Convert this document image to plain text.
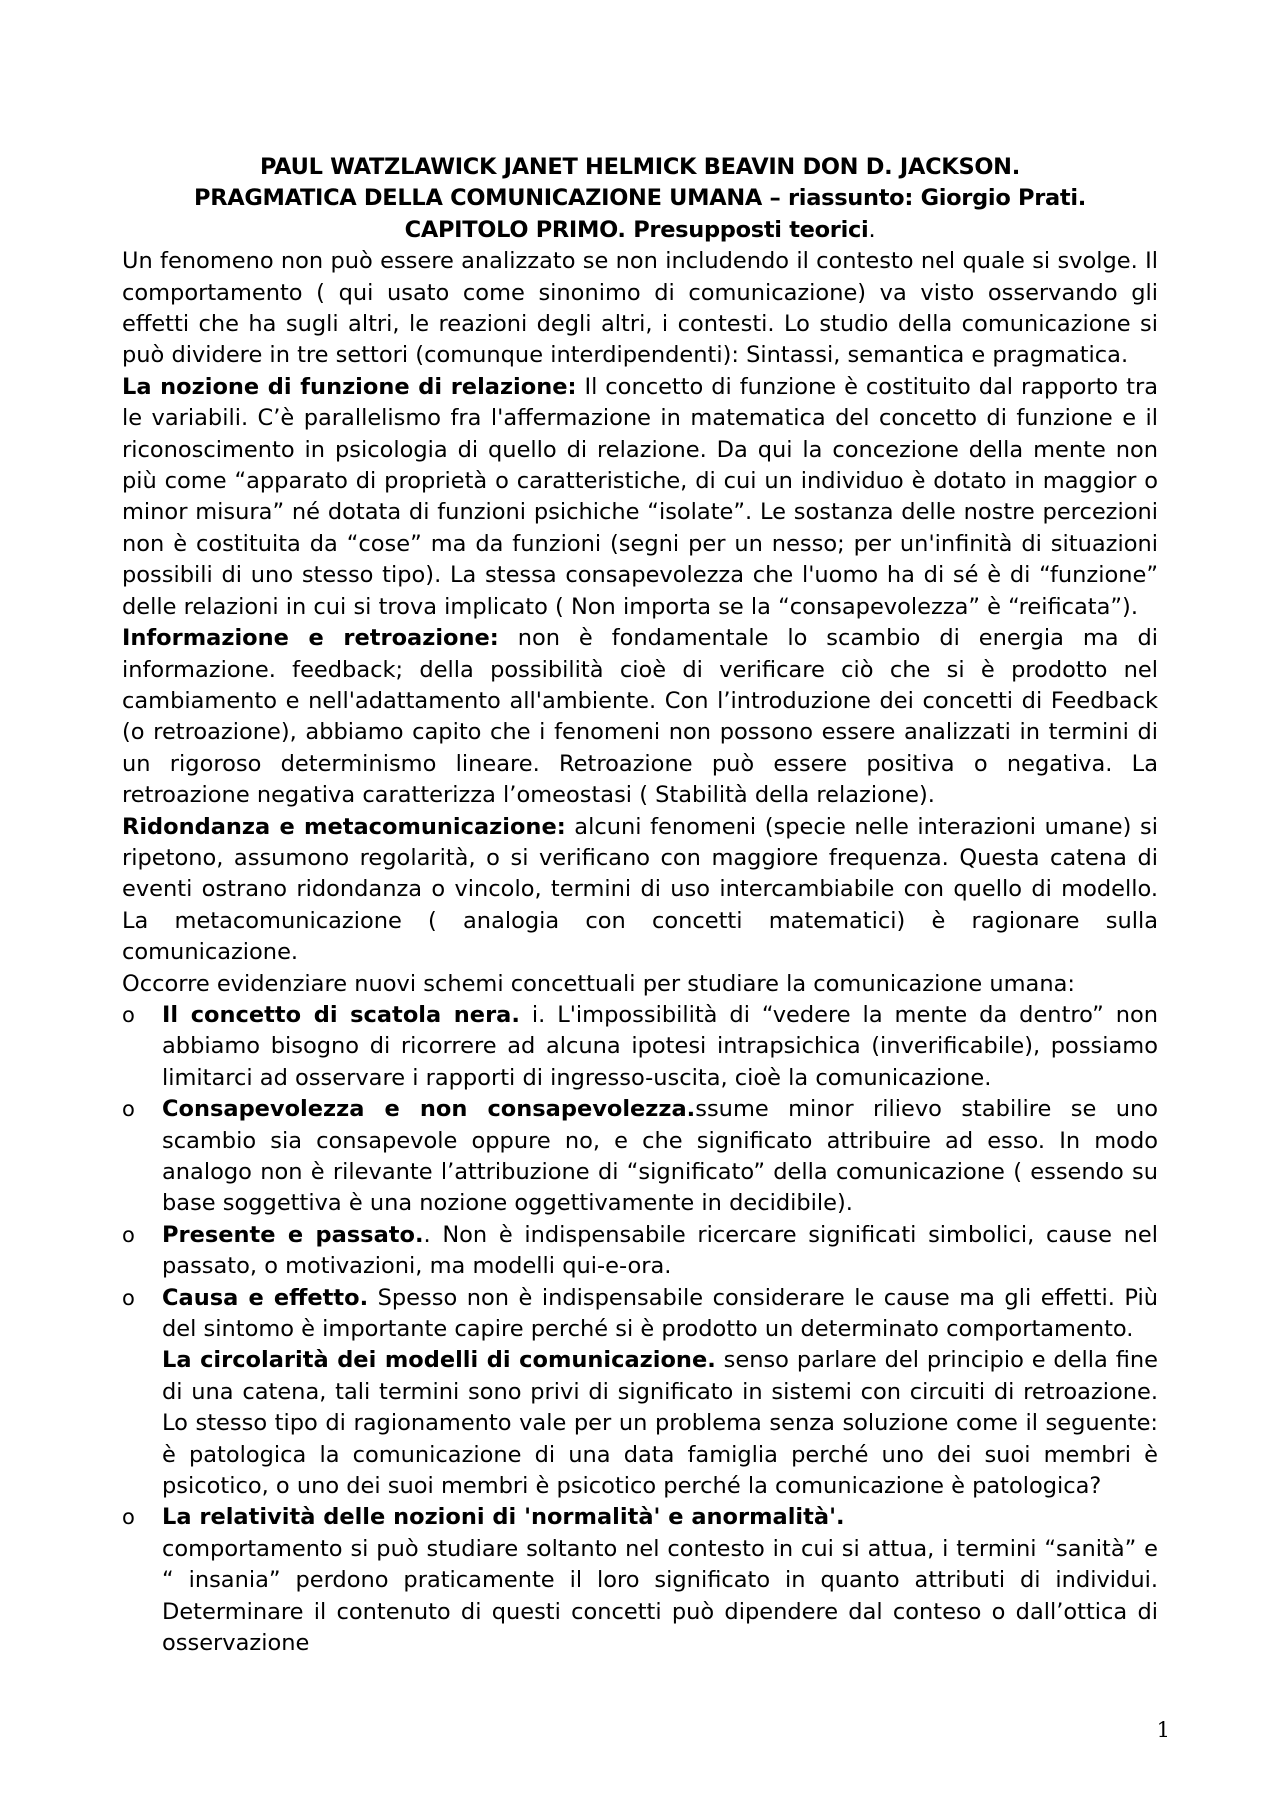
PAUL WATZLAWICK JANET HELMICK BEAVIN DON D. JACKSON.
PRAGMATICA DELLA COMUNICAZIONE UMANA – riassunto: Giorgio Prati.
CAPITOLO PRIMO. Presupposti teorici.

Un fenomeno non può essere analizzato se non includendo il contesto nel quale si svolge. Il comportamento ( qui usato come sinonimo di comunicazione) va visto osservando gli effetti che ha sugli altri, le reazioni degli altri, i contesti. Lo studio della comunicazione si può dividere in tre settori (comunque interdipendenti): Sintassi, semantica e pragmatica.

La nozione di funzione di relazione: Il concetto di funzione è costituito dal rapporto tra le variabili. C’è parallelismo fra l'affermazione in matematica del concetto di funzione e il riconoscimento in psicologia di quello di relazione. Da qui la concezione della mente non più come “apparato di proprietà o caratteristiche, di cui un individuo è dotato in maggior o minor misura” né dotata di funzioni psichiche “isolate”. Le sostanza delle nostre percezioni non è costituita da “cose” ma da funzioni (segni per un nesso; per un'infinità di situazioni possibili di uno stesso tipo). La stessa consapevolezza che l'uomo ha di sé è di “funzione” delle relazioni in cui si trova implicato ( Non importa se la “consapevolezza” è “reificata”).

Informazione e retroazione: non è fondamentale lo scambio di energia ma di informazione. feedback; della possibilità cioè di verificare ciò che si è prodotto nel cambiamento e nell'adattamento all'ambiente. Con l’introduzione dei concetti di Feedback (o retroazione), abbiamo capito che i fenomeni non possono essere analizzati in termini di un rigoroso determinismo lineare. Retroazione può essere positiva o negativa. La retroazione negativa caratterizza l’omeostasi ( Stabilità della relazione).

Ridondanza e metacomunicazione: alcuni fenomeni (specie nelle interazioni umane) si ripetono, assumono regolarità, o si verificano con maggiore frequenza. Questa catena di eventi ostrano ridondanza o vincolo, termini di uso intercambiabile con quello di modello. La metacomunicazione ( analogia con concetti matematici) è ragionare sulla comunicazione.

Occorre evidenziare nuovi schemi concettuali per studiare la comunicazione umana:

o	Il concetto di scatola nera. i. L'impossibilità di “vedere la mente da dentro” non abbiamo bisogno di ricorrere ad alcuna ipotesi intrapsichica (inverificabile), possiamo limitarci ad osservare i rapporti di ingresso-uscita, cioè la comunicazione.
o	Consapevolezza e non consapevolezza.ssume minor rilievo stabilire se uno scambio sia consapevole oppure no, e che significato attribuire ad esso. In modo analogo non è rilevante l’attribuzione di “significato” della comunicazione ( essendo su base soggettiva è una nozione oggettivamente in decidibile).
o	Presente e passato.. Non è indispensabile ricercare significati simbolici, cause nel passato, o motivazioni, ma modelli qui-e-ora.
o	Causa e effetto. Spesso non è indispensabile considerare le cause ma gli effetti. Più del sintomo è importante capire perché si è prodotto un determinato comportamento.
La circolarità dei modelli di comunicazione. senso parlare del principio e della fine di una catena, tali termini sono privi di significato in sistemi con circuiti di retroazione. Lo stesso tipo di ragionamento vale per un problema senza soluzione come il seguente: è patologica la comunicazione di una data famiglia perché uno dei suoi membri è psicotico, o uno dei suoi membri è psicotico perché la comunicazione è patologica?
o	La relatività delle nozioni di 'normalità' e anormalità'.
comportamento si può studiare soltanto nel contesto in cui si attua, i termini “sanità” e “ insania” perdono praticamente il loro significato in quanto attributi di individui. Determinare il contenuto di questi concetti può dipendere dal conteso o dall’ottica di osservazione
1
